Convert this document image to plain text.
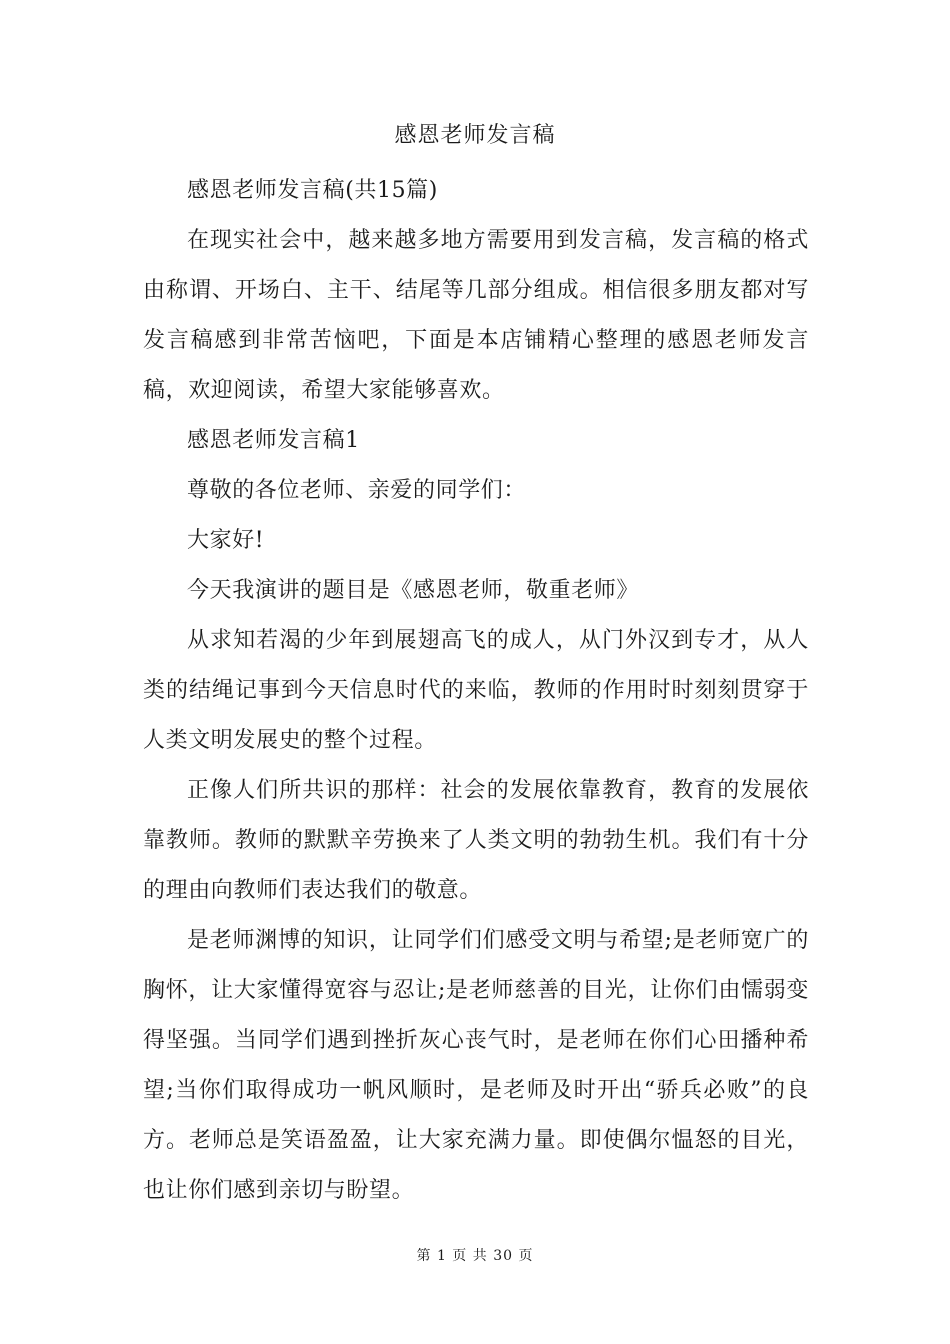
感恩老师发言稿

感恩老师发言稿(共15篇)

在现实社会中，越来越多地方需要用到发言稿，发言稿的格式由称谓、开场白、主干、结尾等几部分组成。相信很多朋友都对写发言稿感到非常苦恼吧，下面是本店铺精心整理的感恩老师发言稿，欢迎阅读，希望大家能够喜欢。

感恩老师发言稿1

尊敬的各位老师、亲爱的同学们：

大家好!

今天我演讲的题目是《感恩老师，敬重老师》

从求知若渴的少年到展翅高飞的成人，从门外汉到专才，从人类的结绳记事到今天信息时代的来临，教师的作用时时刻刻贯穿于人类文明发展史的整个过程。

正像人们所共识的那样：社会的发展依靠教育，教育的发展依靠教师。教师的默默辛劳换来了人类文明的勃勃生机。我们有十分的理由向教师们表达我们的敬意。

是老师渊博的知识，让同学们们感受文明与希望;是老师宽广的胸怀，让大家懂得宽容与忍让;是老师慈善的目光，让你们由懦弱变得坚强。当同学们遇到挫折灰心丧气时，是老师在你们心田播种希望;当你们取得成功一帆风顺时，是老师及时开出“骄兵必败”的良方。老师总是笑语盈盈，让大家充满力量。即使偶尔愠怒的目光，也让你们感到亲切与盼望。

第 1 页 共 30 页
